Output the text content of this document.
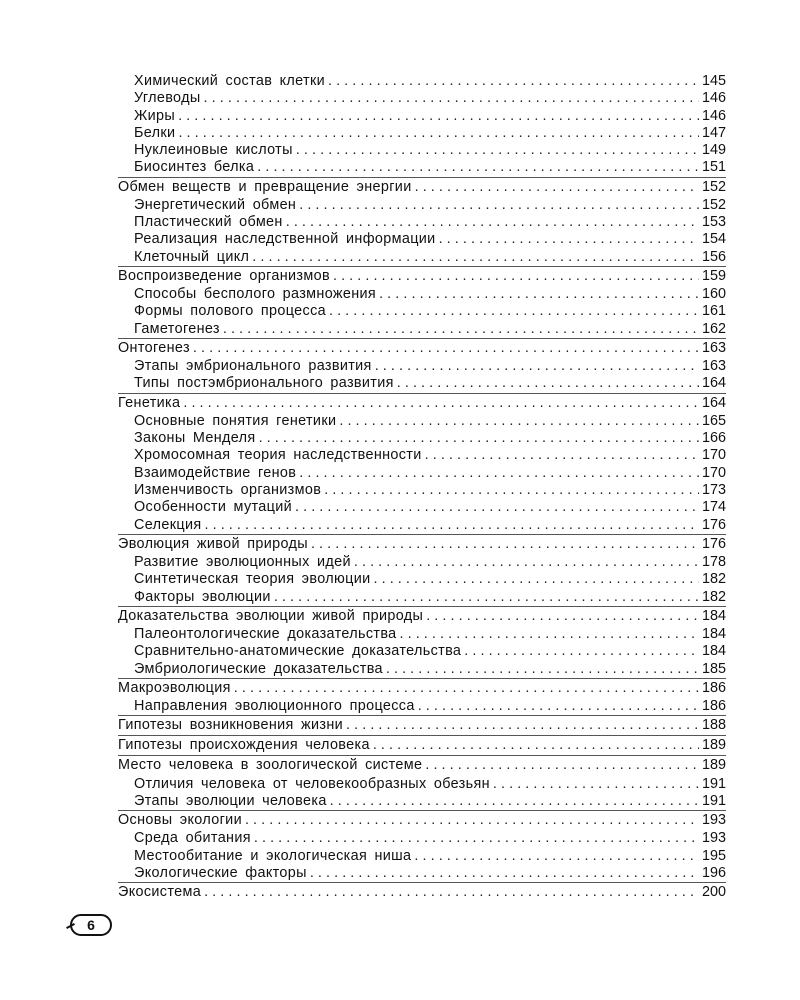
Химический состав клетки .....	145
Углеводы .....	146
Жиры .....	146
Белки .....	147
Нуклеиновые кислоты .....	149
Биосинтез белка .....	151
Обмен веществ и превращение энергии .....	152
Энергетический обмен .....	152
Пластический обмен .....	153
Реализация наследственной информации .....	154
Клеточный цикл .....	156
Воспроизведение организмов .....	159
Способы бесполого размножения .....	160
Формы полового процесса .....	161
Гаметогенез .....	162
Онтогенез .....	163
Этапы эмбрионального развития .....	163
Типы постэмбрионального развития .....	164
Генетика .....	164
Основные понятия генетики .....	165
Законы Менделя .....	166
Хромосомная теория наследственности .....	170
Взаимодействие генов .....	170
Изменчивость организмов .....	173
Особенности мутаций .....	174
Селекция .....	176
Эволюция живой природы .....	176
Развитие эволюционных идей .....	178
Синтетическая теория эволюции .....	182
Факторы эволюции .....	182
Доказательства эволюции живой природы .....	184
Палеонтологические доказательства .....	184
Сравнительно-анатомические доказательства .....	184
Эмбриологические доказательства .....	185
Макроэволюция .....	186
Направления эволюционного процесса .....	186
Гипотезы возникновения жизни .....	188
Гипотезы происхождения человека .....	189
Место человека в зоологической системе .....	189
Отличия человека от человекообразных обезьян .....	191
Этапы эволюции человека .....	191
Основы экологии .....	193
Среда обитания .....	193
Местообитание и экологическая ниша .....	195
Экологические факторы .....	196
Экосистема .....	200
6
